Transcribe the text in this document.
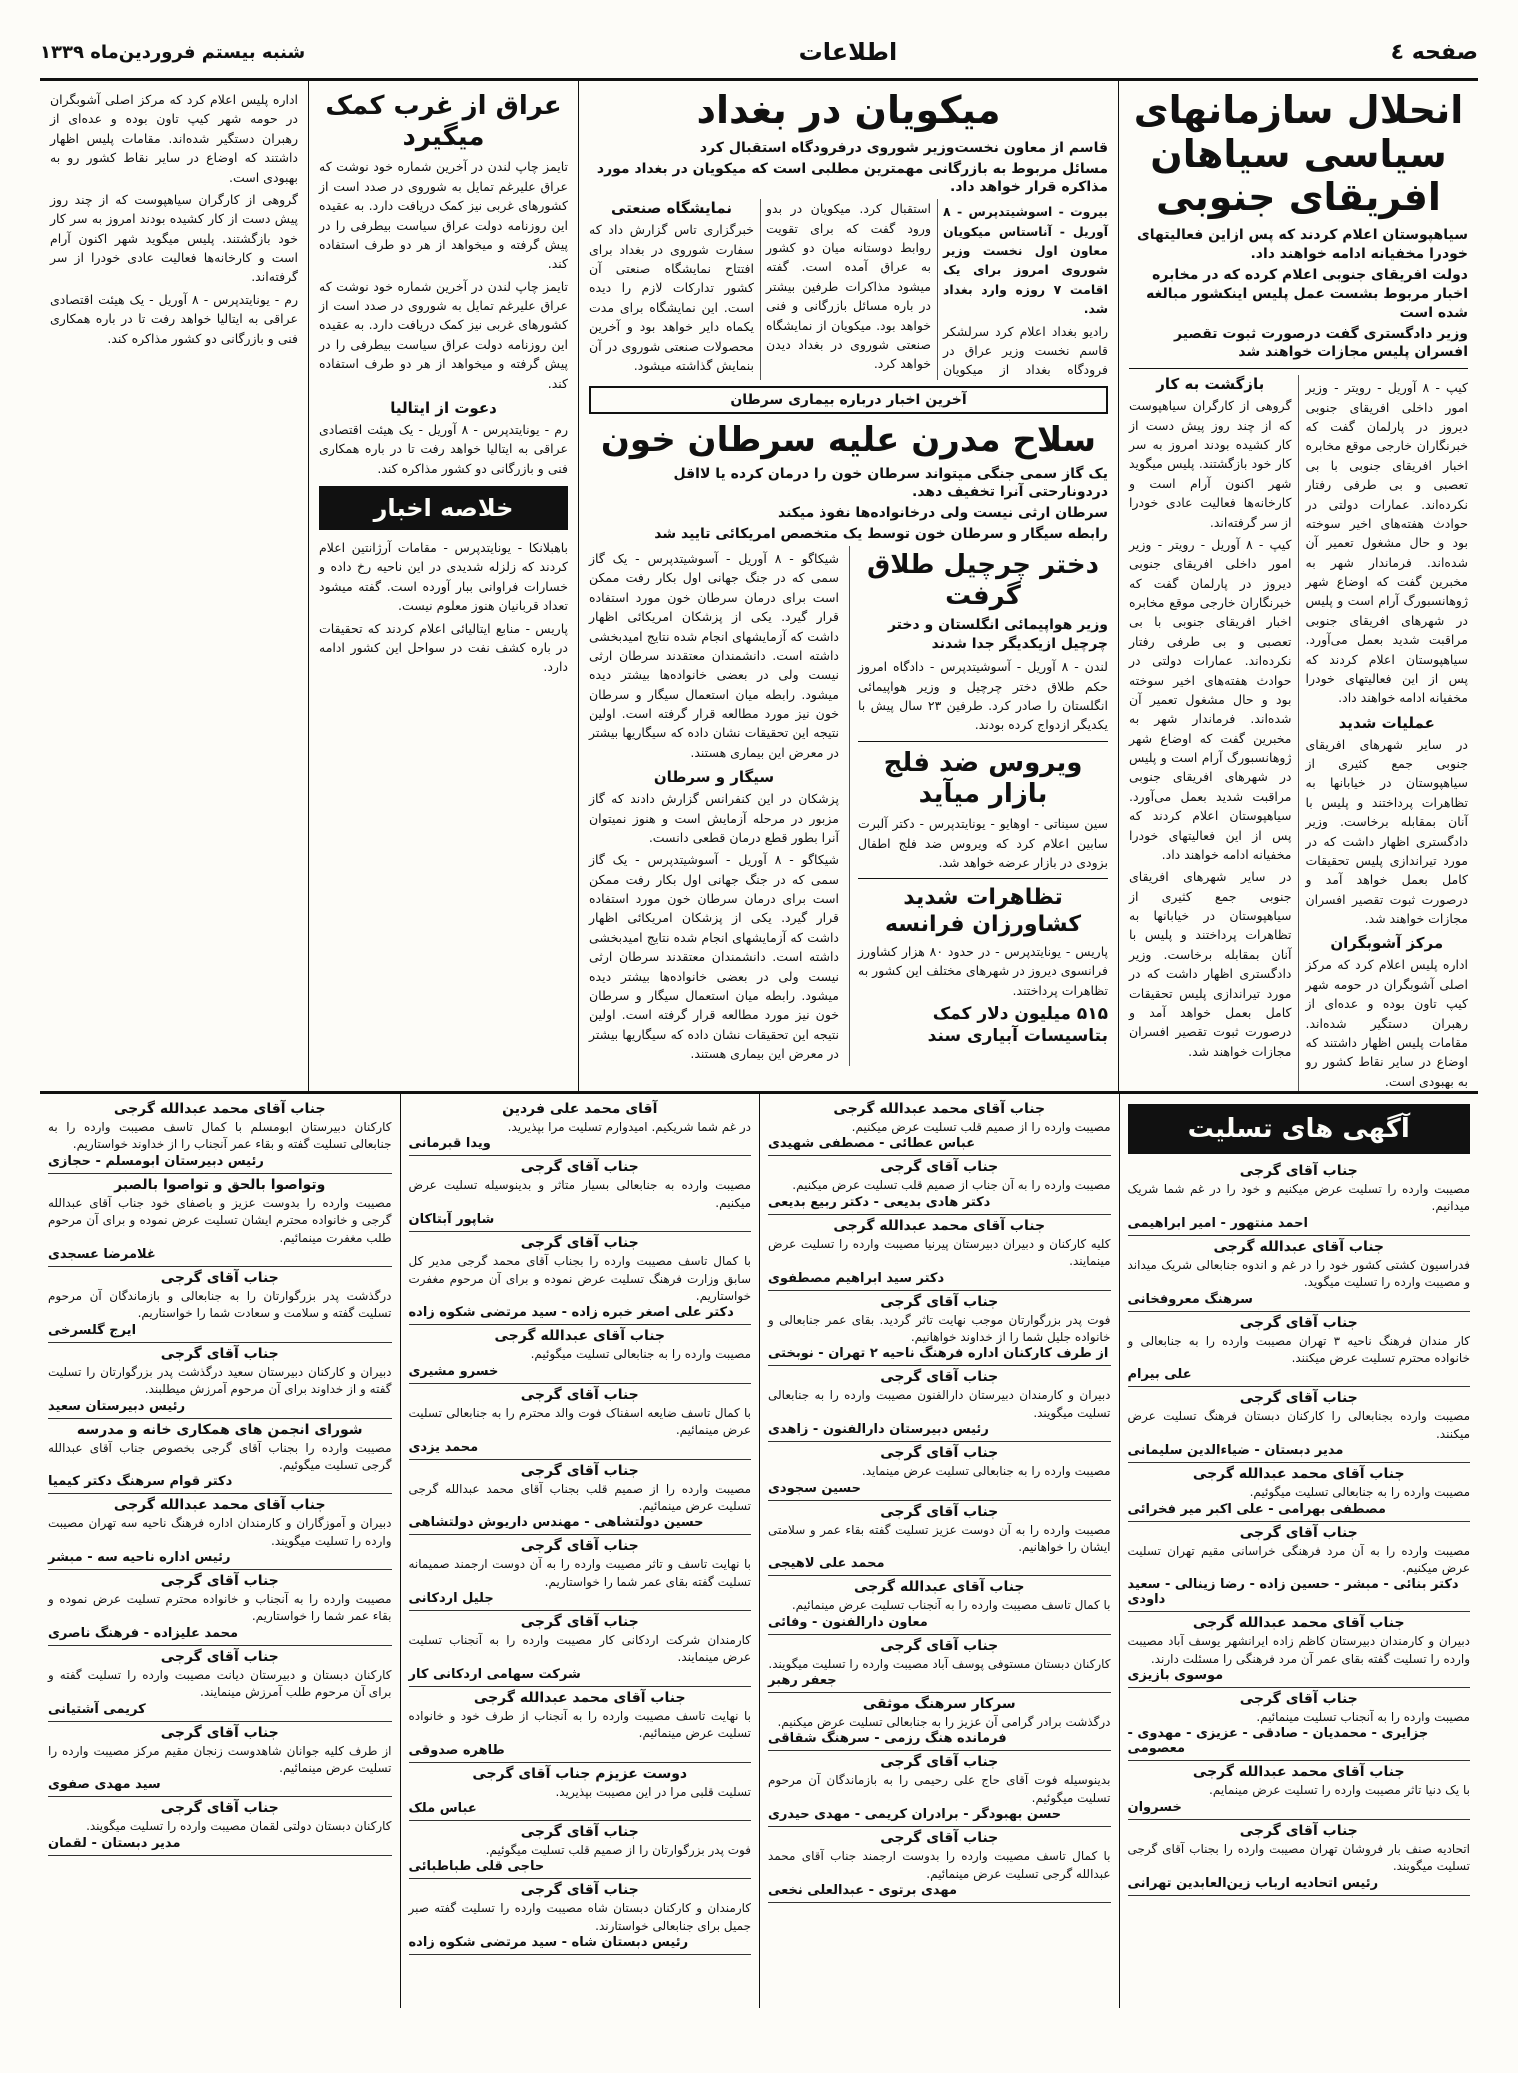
صفحه ٤
اطلاعات
شنبه بیستم فروردین‌ماه ۱۳۳۹
انحلال سازمانهای سیاسی سیاهان افریقای جنوبی
سیاهپوستان اعلام کردند که پس ازاین فعالیتهای خودرا مخفیانه ادامه خواهند داد.
دولت افریقای جنوبی اعلام کرده که در مخابره اخبار مربوط بشست عمل پلیس اینکشور مبالغه شده است
وزیر دادگستری گفت درصورت ثبوت تقصیر افسران پلیس مجازات خواهند شد

کیپ - ۸ آوریل - رویتر - وزیر امور داخلی افریقای جنوبی دیروز در پارلمان گفت که خبرنگاران خارجی موقع مخابره اخبار افریقای جنوبی با بی تعصبی و بی طرفی رفتار نکرده‌اند. عمارات دولتی در حوادث هفته‌های اخیر سوخته بود و حال مشغول تعمیر آن شده‌اند. فرماندار شهر به مخبرین گفت که اوضاع شهر ژوهانسبورگ آرام است و پلیس در شهرهای افریقای جنوبی مراقبت شدید بعمل می‌آورد. سیاهپوستان اعلام کردند که پس از این فعالیتهای خودرا مخفیانه ادامه خواهند داد.

عملیات شدید

در سایر شهرهای افریقای جنوبی جمع کثیری از سیاهپوستان در خیابانها به تظاهرات پرداختند و پلیس با آنان بمقابله برخاست. وزیر دادگستری اظهار داشت که در مورد تیراندازی پلیس تحقیقات کامل بعمل خواهد آمد و درصورت ثبوت تقصیر افسران مجازات خواهند شد.

مرکز آشوبگران

اداره پلیس اعلام کرد که مرکز اصلی آشوبگران در حومه شهر کیپ تاون بوده و عده‌ای از رهبران دستگیر شده‌اند. مقامات پلیس اظهار داشتند که اوضاع در سایر نقاط کشور رو به بهبودی است.

بازگشت به کار

گروهی از کارگران سیاهپوست که از چند روز پیش دست از کار کشیده بودند امروز به سر کار خود بازگشتند. پلیس میگوید شهر اکنون آرام است و کارخانه‌ها فعالیت عادی خودرا از سر گرفته‌اند.

کیپ - ۸ آوریل - رویتر - وزیر امور داخلی افریقای جنوبی دیروز در پارلمان گفت که خبرنگاران خارجی موقع مخابره اخبار افریقای جنوبی با بی تعصبی و بی طرفی رفتار نکرده‌اند. عمارات دولتی در حوادث هفته‌های اخیر سوخته بود و حال مشغول تعمیر آن شده‌اند. فرماندار شهر به مخبرین گفت که اوضاع شهر ژوهانسبورگ آرام است و پلیس در شهرهای افریقای جنوبی مراقبت شدید بعمل می‌آورد. سیاهپوستان اعلام کردند که پس از این فعالیتهای خودرا مخفیانه ادامه خواهند داد.

در سایر شهرهای افریقای جنوبی جمع کثیری از سیاهپوستان در خیابانها به تظاهرات پرداختند و پلیس با آنان بمقابله برخاست. وزیر دادگستری اظهار داشت که در مورد تیراندازی پلیس تحقیقات کامل بعمل خواهد آمد و درصورت ثبوت تقصیر افسران مجازات خواهند شد.

میکویان در بغداد
قاسم از معاون نخست‌وزیر شوروی درفرودگاه استقبال کرد
مسائل مربوط به بازرگانی مهمترین مطلبی است که میکویان در بغداد مورد مذاکره قرار خواهد داد.

بیروت - اسوشیتدپرس - ۸ آوریل - آناستاس میکویان معاون اول نخست وزیر شوروی امروز برای یک اقامت ۷ روزه وارد بغداد شد.

رادیو بغداد اعلام کرد سرلشکر قاسم نخست وزیر عراق در فرودگاه بغداد از میکویان استقبال کرد. میکویان در بدو ورود گفت که برای تقویت روابط دوستانه میان دو کشور به عراق آمده است. گفته میشود مذاکرات طرفین بیشتر در باره مسائل بازرگانی و فنی خواهد بود. میکویان از نمایشگاه صنعتی شوروی در بغداد دیدن خواهد کرد.

نمایشگاه صنعتی

خبرگزاری تاس گزارش داد که سفارت شوروی در بغداد برای افتتاح نمایشگاه صنعتی آن کشور تدارکات لازم را دیده است. این نمایشگاه برای مدت یکماه دایر خواهد بود و آخرین محصولات صنعتی شوروی در آن بنمایش گذاشته میشود.

آخرین اخبار درباره بیماری سرطان
سلاح مدرن علیه سرطان خون
یک گاز سمی جنگی میتواند سرطان خون را درمان کرده یا لااقل دردونارحتی آنرا تخفیف دهد.
سرطان ارثی نیست ولی درخانواده‌ها نفوذ میکند
رابطه سیگار و سرطان خون توسط یک متخصص امریکائی تایید شد
دختر چرچیل طلاق گرفت
وزیر هواپیمائی انگلستان و دختر چرچیل ازیکدیگر جدا شدند

لندن - ۸ آوریل - آسوشیتدپرس - دادگاه امروز حکم طلاق دختر چرچیل و وزیر هواپیمائی انگلستان را صادر کرد. طرفین ۲۳ سال پیش با یکدیگر ازدواج کرده بودند.

ویروس ضد فلج بازار میآید

سین سیناتی - اوهایو - یونایتدپرس - دکتر آلبرت سابین اعلام کرد که ویروس ضد فلج اطفال بزودی در بازار عرضه خواهد شد.

تظاهرات شدید کشاورزان فرانسه

پاریس - یونایتدپرس - در حدود ۸۰ هزار کشاورز فرانسوی دیروز در شهرهای مختلف این کشور به تظاهرات پرداختند.

۵۱۵ میلیون دلار کمک بتاسیسات آبیاری سند

شیکاگو - ۸ آوریل - آسوشیتدپرس - یک گاز سمی که در جنگ جهانی اول بکار رفت ممکن است برای درمان سرطان خون مورد استفاده قرار گیرد. یکی از پزشکان امریکائی اظهار داشت که آزمایشهای انجام شده نتایج امیدبخشی داشته است. دانشمندان معتقدند سرطان ارثی نیست ولی در بعضی خانواده‌ها بیشتر دیده میشود. رابطه میان استعمال سیگار و سرطان خون نیز مورد مطالعه قرار گرفته است. اولین نتیجه این تحقیقات نشان داده که سیگاریها بیشتر در معرض این بیماری هستند.

سیگار و سرطان

پزشکان در این کنفرانس گزارش دادند که گاز مزبور در مرحله آزمایش است و هنوز نمیتوان آنرا بطور قطع درمان قطعی دانست.

شیکاگو - ۸ آوریل - آسوشیتدپرس - یک گاز سمی که در جنگ جهانی اول بکار رفت ممکن است برای درمان سرطان خون مورد استفاده قرار گیرد. یکی از پزشکان امریکائی اظهار داشت که آزمایشهای انجام شده نتایج امیدبخشی داشته است. دانشمندان معتقدند سرطان ارثی نیست ولی در بعضی خانواده‌ها بیشتر دیده میشود. رابطه میان استعمال سیگار و سرطان خون نیز مورد مطالعه قرار گرفته است. اولین نتیجه این تحقیقات نشان داده که سیگاریها بیشتر در معرض این بیماری هستند.

عراق از غرب کمک میگیرد

تایمز چاپ لندن در آخرین شماره خود نوشت که عراق علیرغم تمایل به شوروی در صدد است از کشورهای غربی نیز کمک دریافت دارد. به عقیده این روزنامه دولت عراق سیاست بیطرفی را در پیش گرفته و میخواهد از هر دو طرف استفاده کند.

تایمز چاپ لندن در آخرین شماره خود نوشت که عراق علیرغم تمایل به شوروی در صدد است از کشورهای غربی نیز کمک دریافت دارد. به عقیده این روزنامه دولت عراق سیاست بیطرفی را در پیش گرفته و میخواهد از هر دو طرف استفاده کند.

دعوت از ایتالیا

رم - یونایتدپرس - ۸ آوریل - یک هیئت اقتصادی عراقی به ایتالیا خواهد رفت تا در باره همکاری فنی و بازرگانی دو کشور مذاکره کند.

خلاصه اخبار

باهبلانکا - یونایتدپرس - مقامات آرژانتین اعلام کردند که زلزله شدیدی در این ناحیه رخ داده و خسارات فراوانی ببار آورده است. گفته میشود تعداد قربانیان هنوز معلوم نیست.

پاریس - منابع ایتالیائی اعلام کردند که تحقیقات در باره کشف نفت در سواحل این کشور ادامه دارد.

اداره پلیس اعلام کرد که مرکز اصلی آشوبگران در حومه شهر کیپ تاون بوده و عده‌ای از رهبران دستگیر شده‌اند. مقامات پلیس اظهار داشتند که اوضاع در سایر نقاط کشور رو به بهبودی است.

گروهی از کارگران سیاهپوست که از چند روز پیش دست از کار کشیده بودند امروز به سر کار خود بازگشتند. پلیس میگوید شهر اکنون آرام است و کارخانه‌ها فعالیت عادی خودرا از سر گرفته‌اند.

رم - یونایتدپرس - ۸ آوریل - یک هیئت اقتصادی عراقی به ایتالیا خواهد رفت تا در باره همکاری فنی و بازرگانی دو کشور مذاکره کند.

آگهی های تسلیت

جناب آقای گرجی

مصیبت وارده را تسلیت عرض میکنیم و خود را در غم شما شریک میدانیم.

احمد منتهور - امیر ابراهیمی

جناب آقای عبدالله گرجی

فدراسیون کشتی کشور خود را در غم و اندوه جنابعالی شریک میداند و مصیبت وارده را تسلیت میگوید.

سرهنگ معروفخانی

جناب آقای گرجی

کار مندان فرهنگ ناحیه ۳ تهران مصیبت وارده را به جنابعالی و خانواده محترم تسلیت عرض میکنند.

علی بیرام

جناب آقای گرجی

مصیبت وارده بجنابعالی را کارکنان دبستان فرهنگ تسلیت عرض میکنند.

مدیر دبستان - ضیاءالدین سلیمانی

جناب آقای محمد عبدالله گرجی

مصیبت وارده را به جنابعالی تسلیت میگوئیم.

مصطفی بهرامی - علی اکبر میر فخرائی

جناب آقای گرجی

مصیبت وارده را به آن مرد فرهنگی خراسانی مقیم تهران تسلیت عرض میکنیم.

دکتر بنائی - مبشر - حسین زاده - رضا زینالی - سعید داودی

جناب آقای محمد عبدالله گرجی

دبیران و کارمندان دبیرستان کاظم زاده ایرانشهر یوسف آباد مصیبت وارده را تسلیت گفته بقای عمر آن مرد فرهنگی را مسئلت دارند.

موسوی بازیزی

جناب آقای گرجی

مصیبت وارده را به آنجناب تسلیت مینمائیم.

جزایری - محمدیان - صادقی - عزیزی - مهدوی - معصومی

جناب آقای محمد عبدالله گرجی

با یک دنیا تاثر مصیبت وارده را تسلیت عرض مینمایم.

خسروان

جناب آقای گرجی

اتحادیه صنف بار فروشان تهران مصیبت وارده را بجناب آقای گرجی تسلیت میگویند.

رئیس اتحادیه ارباب زین‌العابدین تهرانی

جناب آقای محمد عبدالله گرجی

مصیبت وارده را از صمیم قلب تسلیت عرض میکنیم.

عباس عطائی - مصطفی شهیدی

جناب آقای گرجی

مصیبت وارده را به آن جناب از صمیم قلب تسلیت عرض میکنیم.

دکتر هادی بدیعی - دکتر ربیع بدیعی

جناب آقای محمد عبدالله گرجی

کلیه کارکنان و دبیران دبیرستان پیرنیا مصیبت وارده را تسلیت عرض مینمایند.

دکتر سید ابراهیم مصطفوی

جناب آقای گرجی

فوت پدر بزرگوارتان موجب نهایت تاثر گردید. بقای عمر جنابعالی و خانواده جلیل شما را از خداوند خواهانیم.

از طرف کارکنان اداره فرهنگ ناحیه ۲ تهران - نوبختی

جناب آقای گرجی

دبیران و کارمندان دبیرستان دارالفنون مصیبت وارده را به جنابعالی تسلیت میگویند.

رئیس دبیرستان دارالفنون - زاهدی

جناب آقای گرجی

مصیبت وارده را به جنابعالی تسلیت عرض مینماید.

حسین سجودی

جناب آقای گرجی

مصیبت وارده را به آن دوست عزیز تسلیت گفته بقاء عمر و سلامتی ایشان را خواهانیم.

محمد علی لاهیجی

جناب آقای عبدالله گرجی

با کمال تاسف مصیبت وارده را به آنجناب تسلیت عرض مینمائیم.

معاون دارالفنون - وفائی

جناب آقای گرجی

کارکنان دبستان مستوفی پوسف آباد مصیبت وارده را تسلیت میگویند.

جعفر رهبر

سرکار سرهنگ موثقی

درگذشت برادر گرامی آن عزیز را به جنابعالی تسلیت عرض میکنیم.

فرمانده هنگ رزمی - سرهنگ شقاقی

جناب آقای گرجی

بدینوسیله فوت آقای حاج علی رحیمی را به بازماندگان آن مرحوم تسلیت میگوئیم.

حسن بهبودگر - برادران کریمی - مهدی حیدری

جناب آقای گرجی

با کمال تاسف مصیبت وارده را بدوست ارجمند جناب آقای محمد عبدالله گرجی تسلیت عرض مینمائیم.

مهدی برتوی - عبدالعلی نخعی

آقای محمد علی فردین

در غم شما شریکیم. امیدوارم تسلیت مرا بپذیرید.

ویدا قبرمانی

جناب آقای گرجی

مصیبت وارده به جنابعالی بسیار متاثر و بدینوسیله تسلیت عرض میکنیم.

شاپور آبتاکان

جناب آقای گرجی

با کمال تاسف مصیبت وارده را بجناب آقای محمد گرجی مدیر کل سابق وزارت فرهنگ تسلیت عرض نموده و برای آن مرحوم مغفرت خواستاریم.

دکتر علی اصغر خبره زاده - سید مرتضی شکوه زاده

جناب آقای عبدالله گرجی

مصیبت وارده را به جنابعالی تسلیت میگوئیم.

خسرو مشیری

جناب آقای گرجی

با کمال تاسف ضایعه اسفناک فوت والد محترم را به جنابعالی تسلیت عرض مینمائیم.

محمد یزدی

جناب آقای گرجی

مصیبت وارده را از صمیم قلب بجناب آقای محمد عبدالله گرجی تسلیت عرض مینمائیم.

حسین دولتشاهی - مهندس داریوش دولتشاهی

جناب آقای گرجی

با نهایت تاسف و تاثر مصیبت وارده را به آن دوست ارجمند صمیمانه تسلیت گفته بقای عمر شما را خواستاریم.

جلیل اردکانی

جناب آقای گرجی

کارمندان شرکت اردکانی کار مصیبت وارده را به آنجناب تسلیت عرض مینمایند.

شرکت سهامی اردکانی کار

جناب آقای محمد عبدالله گرجی

با نهایت تاسف مصیبت وارده را به آنجناب از طرف خود و خانواده تسلیت عرض مینمائیم.

طاهره صدوقی

دوست عزیزم جناب آقای گرجی

تسلیت قلبی مرا در این مصیبت بپذیرید.

عباس ملک

جناب آقای گرجی

فوت پدر بزرگوارتان را از صمیم قلب تسلیت میگوئیم.

حاجی قلی طباطبائی

جناب آقای گرجی

کارمندان و کارکنان دبستان شاه مصیبت وارده را تسلیت گفته صبر جمیل برای جنابعالی خواستارند.

رئیس دبستان شاه - سید مرتضی شکوه زاده

جناب آقای محمد عبدالله گرجی

کارکنان دبیرستان ابومسلم با کمال تاسف مصیبت وارده را به جنابعالی تسلیت گفته و بقاء عمر آنجناب را از خداوند خواستاریم.

رئیس دبیرستان ابومسلم - حجازی

وتواصوا بالحق و تواصوا بالصبر

مصیبت وارده را بدوست عزیز و باصفای خود جناب آقای عبدالله گرجی و خانواده محترم ایشان تسلیت عرض نموده و برای آن مرحوم طلب مغفرت مینمائیم.

غلامرضا عسجدی

جناب آقای گرجی

درگذشت پدر بزرگوارتان را به جنابعالی و بازماندگان آن مرحوم تسلیت گفته و سلامت و سعادت شما را خواستاریم.

ایرج گلسرخی

جناب آقای گرجی

دبیران و کارکنان دبیرستان سعید درگذشت پدر بزرگوارتان را تسلیت گفته و از خداوند برای آن مرحوم آمرزش میطلبند.

رئیس دبیرستان سعید

شورای انجمن های همکاری خانه و مدرسه

مصیبت وارده را بجناب آقای گرجی بخصوص جناب آقای عبدالله گرجی تسلیت میگوئیم.

دکتر قوام سرهنگ دکتر کیمیا

جناب آقای محمد عبدالله گرجی

دبیران و آموزگاران و کارمندان اداره فرهنگ ناحیه سه تهران مصیبت وارده را تسلیت میگویند.

رئیس اداره ناحیه سه - مبشر

جناب آقای گرجی

مصیبت وارده را به آنجناب و خانواده محترم تسلیت عرض نموده و بقاء عمر شما را خواستاریم.

محمد علیزاده - فرهنگ ناصری

جناب آقای گرجی

کارکنان دبستان و دبیرستان دیانت مصیبت وارده را تسلیت گفته و برای آن مرحوم طلب آمرزش مینمایند.

کریمی آشتیانی

جناب آقای گرجی

از طرف کلیه جوانان شاهدوست زنجان مقیم مرکز مصیبت وارده را تسلیت عرض مینمائیم.

سید مهدی صفوی

جناب آقای گرجی

کارکنان دبستان دولتی لقمان مصیبت وارده را تسلیت میگویند.

مدیر دبستان - لقمان
